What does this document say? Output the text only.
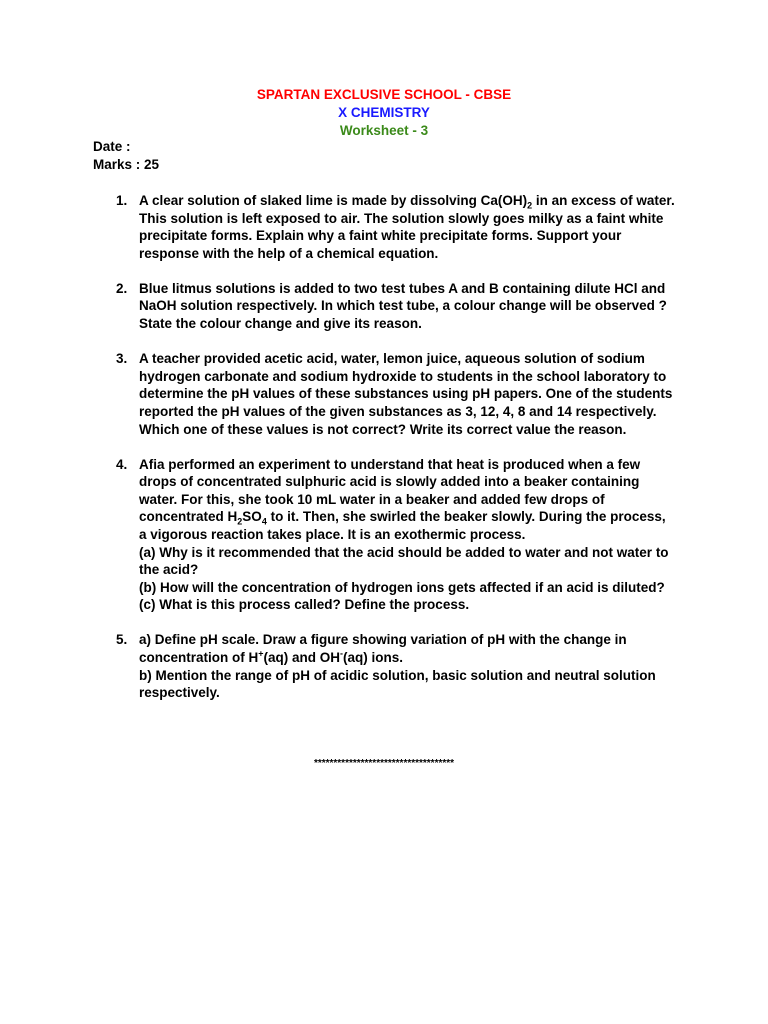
SPARTAN EXCLUSIVE SCHOOL - CBSE
X CHEMISTRY
Worksheet - 3
Date :
Marks : 25
1. A clear solution of slaked lime is made by dissolving $Ca(OH)_2$ in an excess of water. This solution is left exposed to air. The solution slowly goes milky as a faint white precipitate forms. Explain why a faint white precipitate forms. Support your response with the help of a chemical equation.
2. Blue litmus solutions is added to two test tubes A and B containing dilute HCl and NaOH solution respectively. In which test tube, a colour change will be observed ? State the colour change and give its reason.
3. A teacher provided acetic acid, water, lemon juice, aqueous solution of sodium hydrogen carbonate and sodium hydroxide to students in the school laboratory to determine the pH values of these substances using pH papers. One of the students reported the pH values of the given substances as 3, 12, 4, 8 and 14 respectively. Which one of these values is not correct? Write its correct value the reason.
4. Afia performed an experiment to understand that heat is produced when a few drops of concentrated sulphuric acid is slowly added into a beaker containing water. For this, she took 10 mL water in a beaker and added few drops of concentrated $H_2SO_4$ to it. Then, she swirled the beaker slowly. During the process, a vigorous reaction takes place. It is an exothermic process.

(a) Why is it recommended that the acid should be added to water and not water to the acid?

(b) How will the concentration of hydrogen ions gets affected if an acid is diluted?

(c) What is this process called? Define the process.

5. a) Define pH scale. Draw a figure showing variation of pH with the change in concentration of H+(aq) and OH-(aq) ions.

b) Mention the range of pH of acidic solution, basic solution and neutral solution respectively.

************************************
